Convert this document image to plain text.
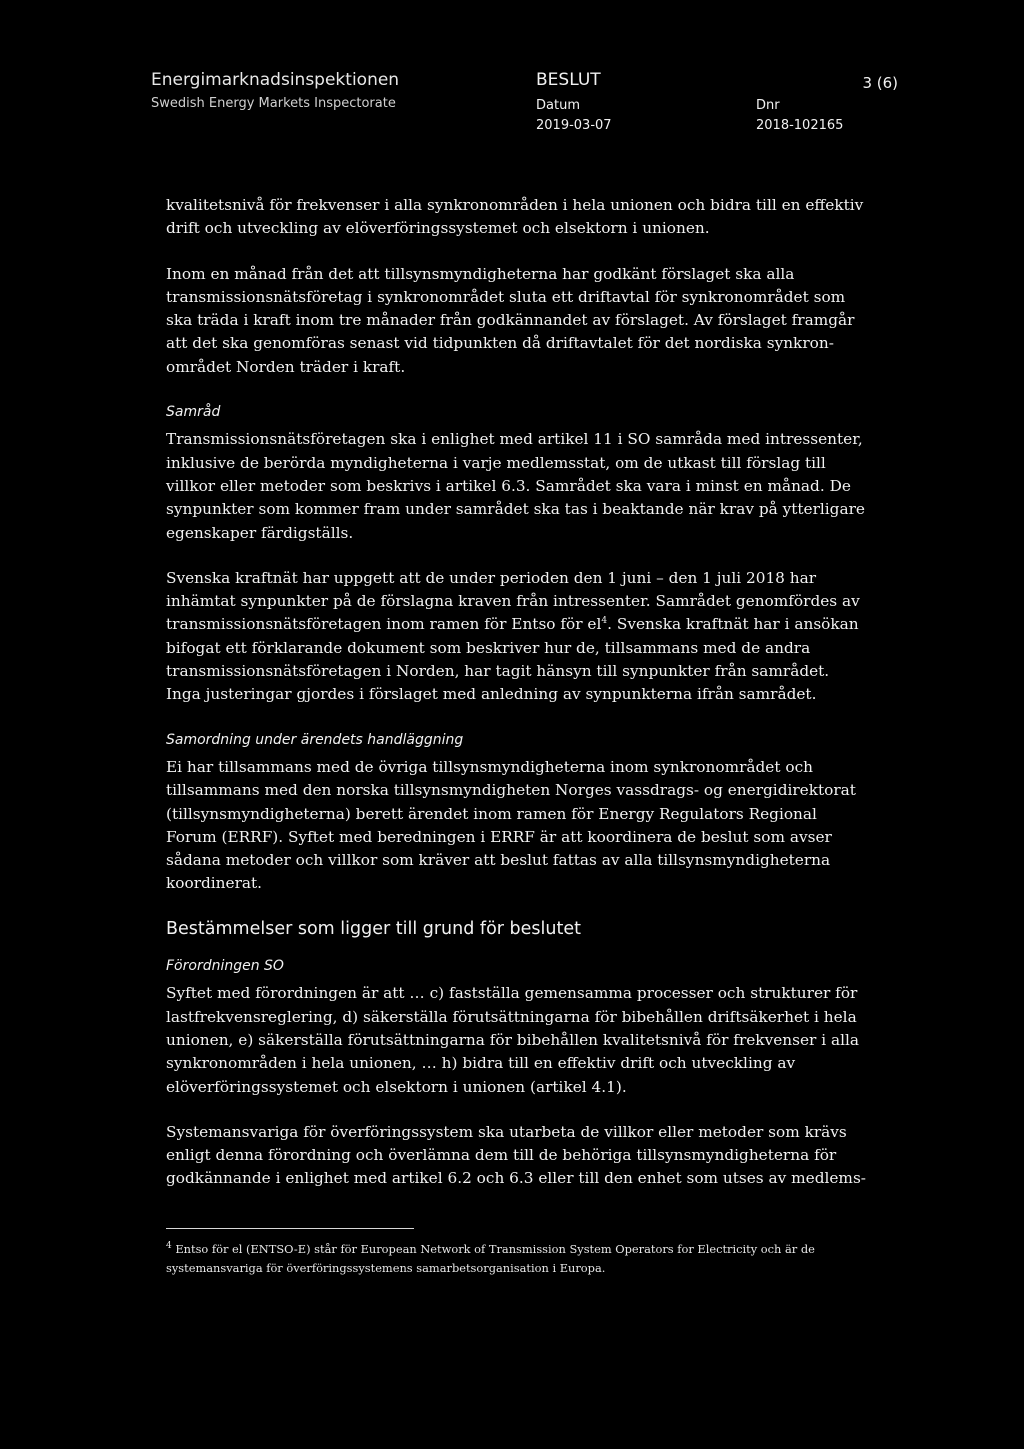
Energimarknadsinspektionen
Swedish Energy Markets Inspectorate
BESLUT	3 (6)
Datum
2019-03-07
Dnr
2018-102165

kvalitetsnivå för frekvenser i alla synkronområden i hela unionen och bidra till en effektiv drift och utveckling av elöverföringssystemet och elsektorn i unionen.

Inom en månad från det att tillsynsmyndigheterna har godkänt förslaget ska alla transmissionsnätsföretag i synkronområdet sluta ett driftavtal för synkronområdet som ska träda i kraft inom tre månader från godkännandet av förslaget. Av förslaget framgår att det ska genomföras senast vid tidpunkten då driftavtalet för det nordiska synkron-området Norden träder i kraft.

Samråd

Transmissionsnätsföretagen ska i enlighet med artikel 11 i SO samråda med intressenter, inklusive de berörda myndigheterna i varje medlemsstat, om de utkast till förslag till villkor eller metoder som beskrivs i artikel 6.3. Samrådet ska vara i minst en månad. De synpunkter som kommer fram under samrådet ska tas i beaktande när krav på ytterligare egenskaper färdigställs.

Svenska kraftnät har uppgett att de under perioden den 1 juni – den 1 juli 2018 har inhämtat synpunkter på de förslagna kraven från intressenter. Samrådet genomfördes av transmissionsnätsföretagen inom ramen för Entso för $el^4$. Svenska kraftnät har i ansökan bifogat ett förklarande dokument som beskriver hur de, tillsammans med de andra transmissionsnätsföretagen i Norden, har tagit hänsyn till synpunkter från samrådet. Inga justeringar gjordes i förslaget med anledning av synpunkterna ifrån samrådet.

Samordning under ärendets handläggning

Ei har tillsammans med de övriga tillsynsmyndigheterna inom synkronområdet och tillsammans med den norska tillsynsmyndigheten Norges vassdrags- og energidirektorat (tillsynsmyndigheterna) berett ärendet inom ramen för Energy Regulators Regional Forum (ERRF). Syftet med beredningen i ERRF är att koordinera de beslut som avser sådana metoder och villkor som kräver att beslut fattas av alla tillsynsmyndigheterna koordinerat.

Bestämmelser som ligger till grund för beslutet
Förordningen SO

Syftet med förordningen är att … c) fastställa gemensamma processer och strukturer för lastfrekvensreglering, d) säkerställa förutsättningarna för bibehållen driftsäkerhet i hela unionen, e) säkerställa förutsättningarna för bibehållen kvalitetsnivå för frekvenser i alla synkronområden i hela unionen, … h) bidra till en effektiv drift och utveckling av elöverföringssystemet och elsektorn i unionen (artikel 4.1).

Systemansvariga för överföringssystem ska utarbeta de villkor eller metoder som krävs enligt denna förordning och överlämna dem till de behöriga tillsynsmyndigheterna för godkännande i enlighet med artikel 6.2 och 6.3 eller till den enhet som utses av medlems-

$^4$ Entso för el (ENTSO-E) står för European Network of Transmission System Operators for Electricity och är de systemansvariga för överföringssystemens samarbetsorganisation i Europa.
